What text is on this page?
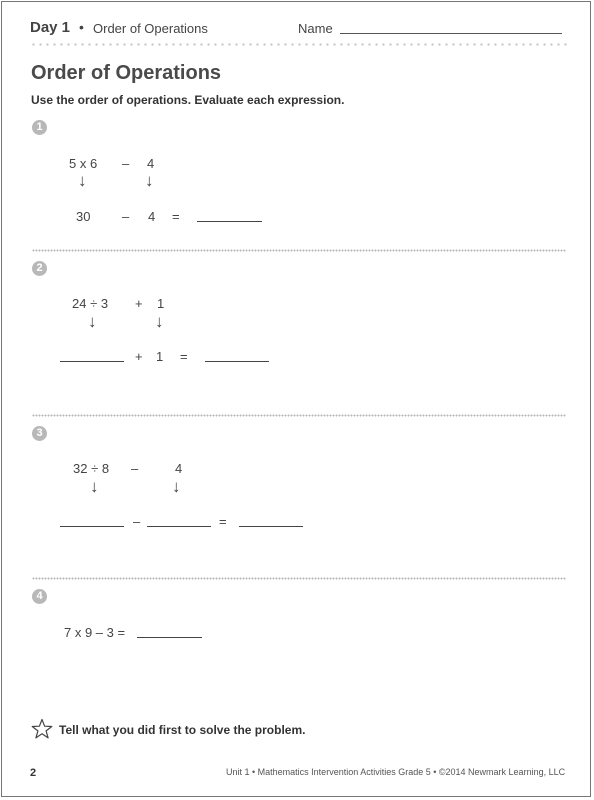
Day 1 • Order of Operations	Name
Order of Operations
Use the order of operations. Evaluate each expression.
1
5 x 6 – 4
↓	↓
30 – 4 =
2
24 ÷ 3 + 1
↓	↓
+ 1 =
3
32 ÷ 8 –	4
↓	↓
–	=
4
7 x 9 – 3 =
Tell what you did first to solve the problem.
2	Unit 1 • Mathematics Intervention Activities Grade 5 • ©2014 Newmark Learning, LLC
